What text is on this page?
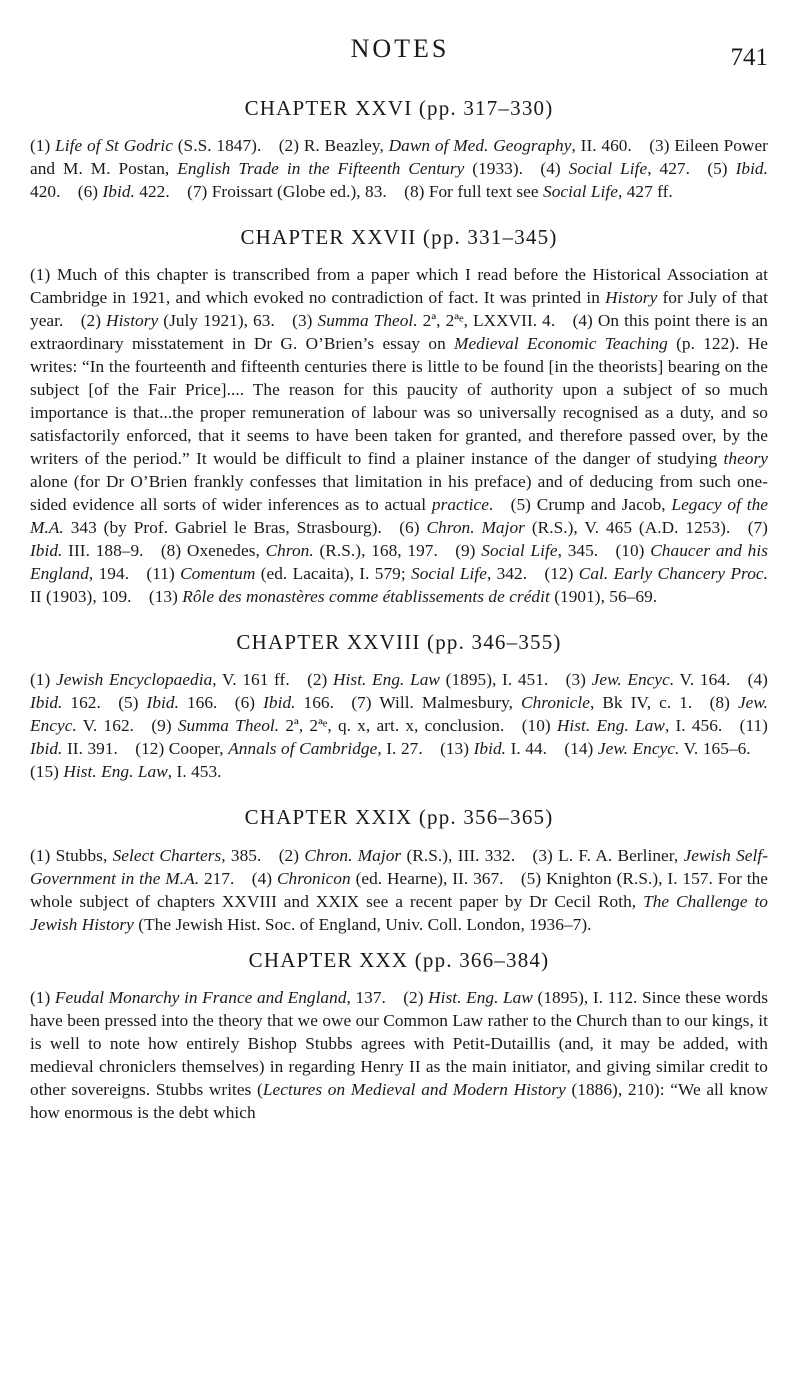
NOTES	741
CHAPTER XXVI (pp. 317–330)

(1) Life of St Godric (S.S. 1847).  (2) R. Beazley, Dawn of Med. Geography, II. 460.  (3) Eileen Power and M. M. Postan, English Trade in the Fifteenth Century (1933).  (4) Social Life, 427.  (5) Ibid. 420.  (6) Ibid. 422.  (7) Froissart (Globe ed.), 83.  (8) For full text see Social Life, 427 ff.

CHAPTER XXVII (pp. 331–345)

(1) Much of this chapter is transcribed from a paper which I read before the Historical Association at Cambridge in 1921, and which evoked no contradiction of fact. It was printed in History for July of that year.  (2) History (July 1921), 63.  (3) Summa Theol. 2ª, 2ªᵉ, LXXVII. 4.  (4) On this point there is an extraordinary misstatement in Dr G. O’Brien’s essay on Medieval Economic Teaching (p. 122). He writes: “In the fourteenth and fifteenth centuries there is little to be found [in the theorists] bearing on the subject [of the Fair Price].... The reason for this paucity of authority upon a subject of so much importance is that...the proper remuneration of labour was so universally recognised as a duty, and so satisfactorily enforced, that it seems to have been taken for granted, and therefore passed over, by the writers of the period.” It would be difficult to find a plainer instance of the danger of studying theory alone (for Dr O’Brien frankly confesses that limitation in his preface) and of deducing from such one-sided evidence all sorts of wider inferences as to actual practice.  (5) Crump and Jacob, Legacy of the M.A. 343 (by Prof. Gabriel le Bras, Strasbourg).  (6) Chron. Major (R.S.), V. 465 (A.D. 1253).  (7) Ibid. III. 188–9.  (8) Oxenedes, Chron. (R.S.), 168, 197.  (9) Social Life, 345.  (10) Chaucer and his England, 194.  (11) Comentum (ed. Lacaita), I. 579; Social Life, 342.  (12) Cal. Early Chancery Proc. II (1903), 109.  (13) Rôle des monastères comme établissements de crédit (1901), 56–69.

CHAPTER XXVIII (pp. 346–355)

(1) Jewish Encyclopaedia, V. 161 ff.  (2) Hist. Eng. Law (1895), I. 451.  (3) Jew. Encyc. V. 164.  (4) Ibid. 162.  (5) Ibid. 166.  (6) Ibid. 166.  (7) Will. Malmesbury, Chronicle, Bk IV, c. 1.  (8) Jew. Encyc. V. 162.  (9) Summa Theol. 2ª, 2ªᵉ, q. x, art. x, conclusion.  (10) Hist. Eng. Law, I. 456.  (11) Ibid. II. 391.  (12) Cooper, Annals of Cambridge, I. 27.  (13) Ibid. I. 44.  (14) Jew. Encyc. V. 165–6. (15) Hist. Eng. Law, I. 453.

CHAPTER XXIX (pp. 356–365)

(1) Stubbs, Select Charters, 385.  (2) Chron. Major (R.S.), III. 332.  (3) L. F. A. Berliner, Jewish Self-Government in the M.A. 217.  (4) Chronicon (ed. Hearne), II. 367.  (5) Knighton (R.S.), I. 157. For the whole subject of chapters XXVIII and XXIX see a recent paper by Dr Cecil Roth, The Challenge to Jewish History (The Jewish Hist. Soc. of England, Univ. Coll. London, 1936–7).

CHAPTER XXX (pp. 366–384)

(1) Feudal Monarchy in France and England, 137.  (2) Hist. Eng. Law (1895), I. 112. Since these words have been pressed into the theory that we owe our Common Law rather to the Church than to our kings, it is well to note how entirely Bishop Stubbs agrees with Petit-Dutaillis (and, it may be added, with medieval chroniclers themselves) in regarding Henry II as the main initiator, and giving similar credit to other sovereigns. Stubbs writes (Lectures on Medieval and Modern History (1886), 210): “We all know how enormous is the debt which
